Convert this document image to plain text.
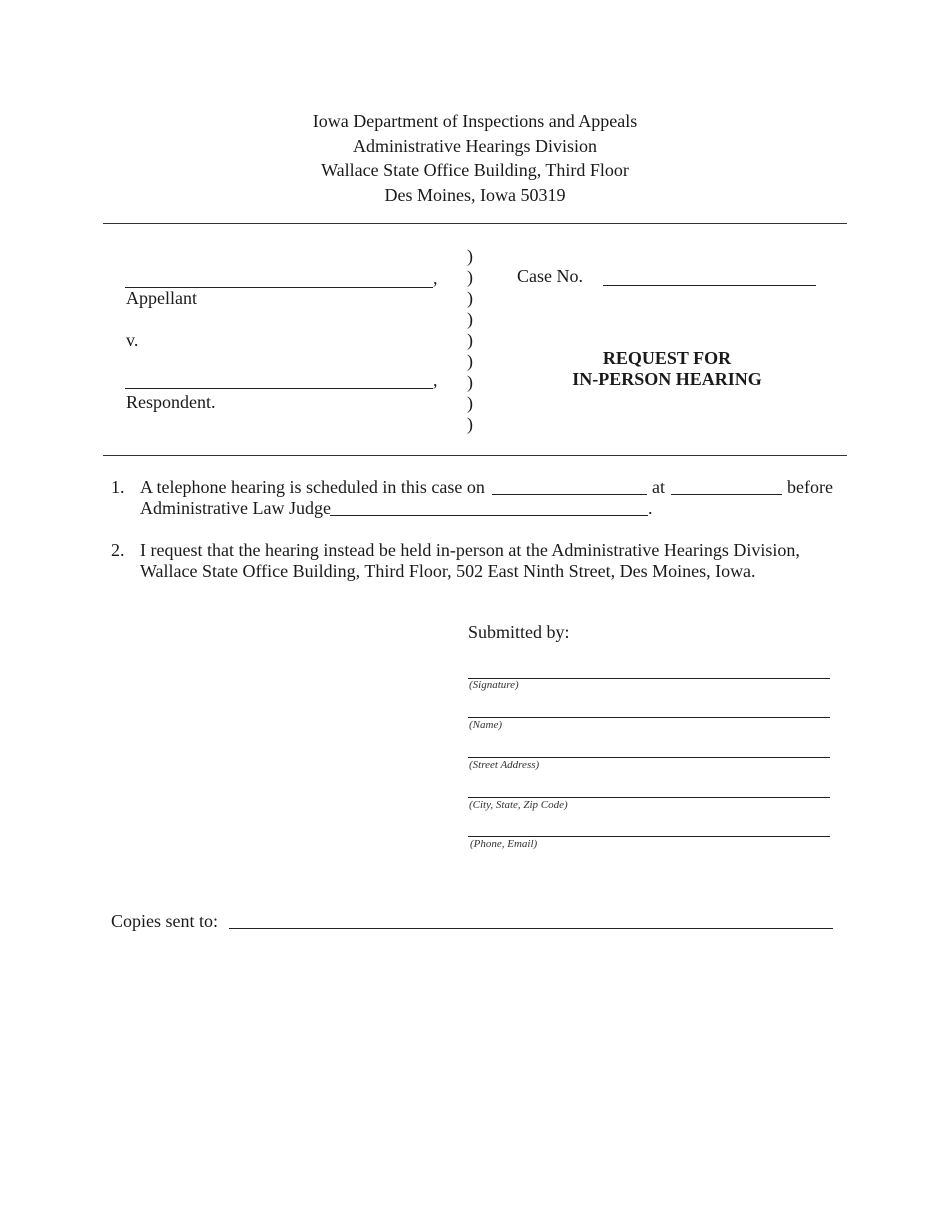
Iowa Department of Inspections and Appeals
Administrative Hearings Division
Wallace State Office Building, Third Floor
Des Moines, Iowa 50319
,
Appellant
v.
,
Respondent.
)
)
)
)
)
)
)
)
)
Case No.
REQUEST FOR
IN-PERSON HEARING
1. A telephone hearing is scheduled in this case on	at	before
Administrative Law Judge	.
2. I request that the hearing instead be held in-person at the Administrative Hearings Division,
Wallace State Office Building, Third Floor, 502 East Ninth Street, Des Moines, Iowa.
Submitted by:
(Signature)
(Name)
(Street Address)
(City, State, Zip Code)
(Phone, Email)
Copies sent to:
